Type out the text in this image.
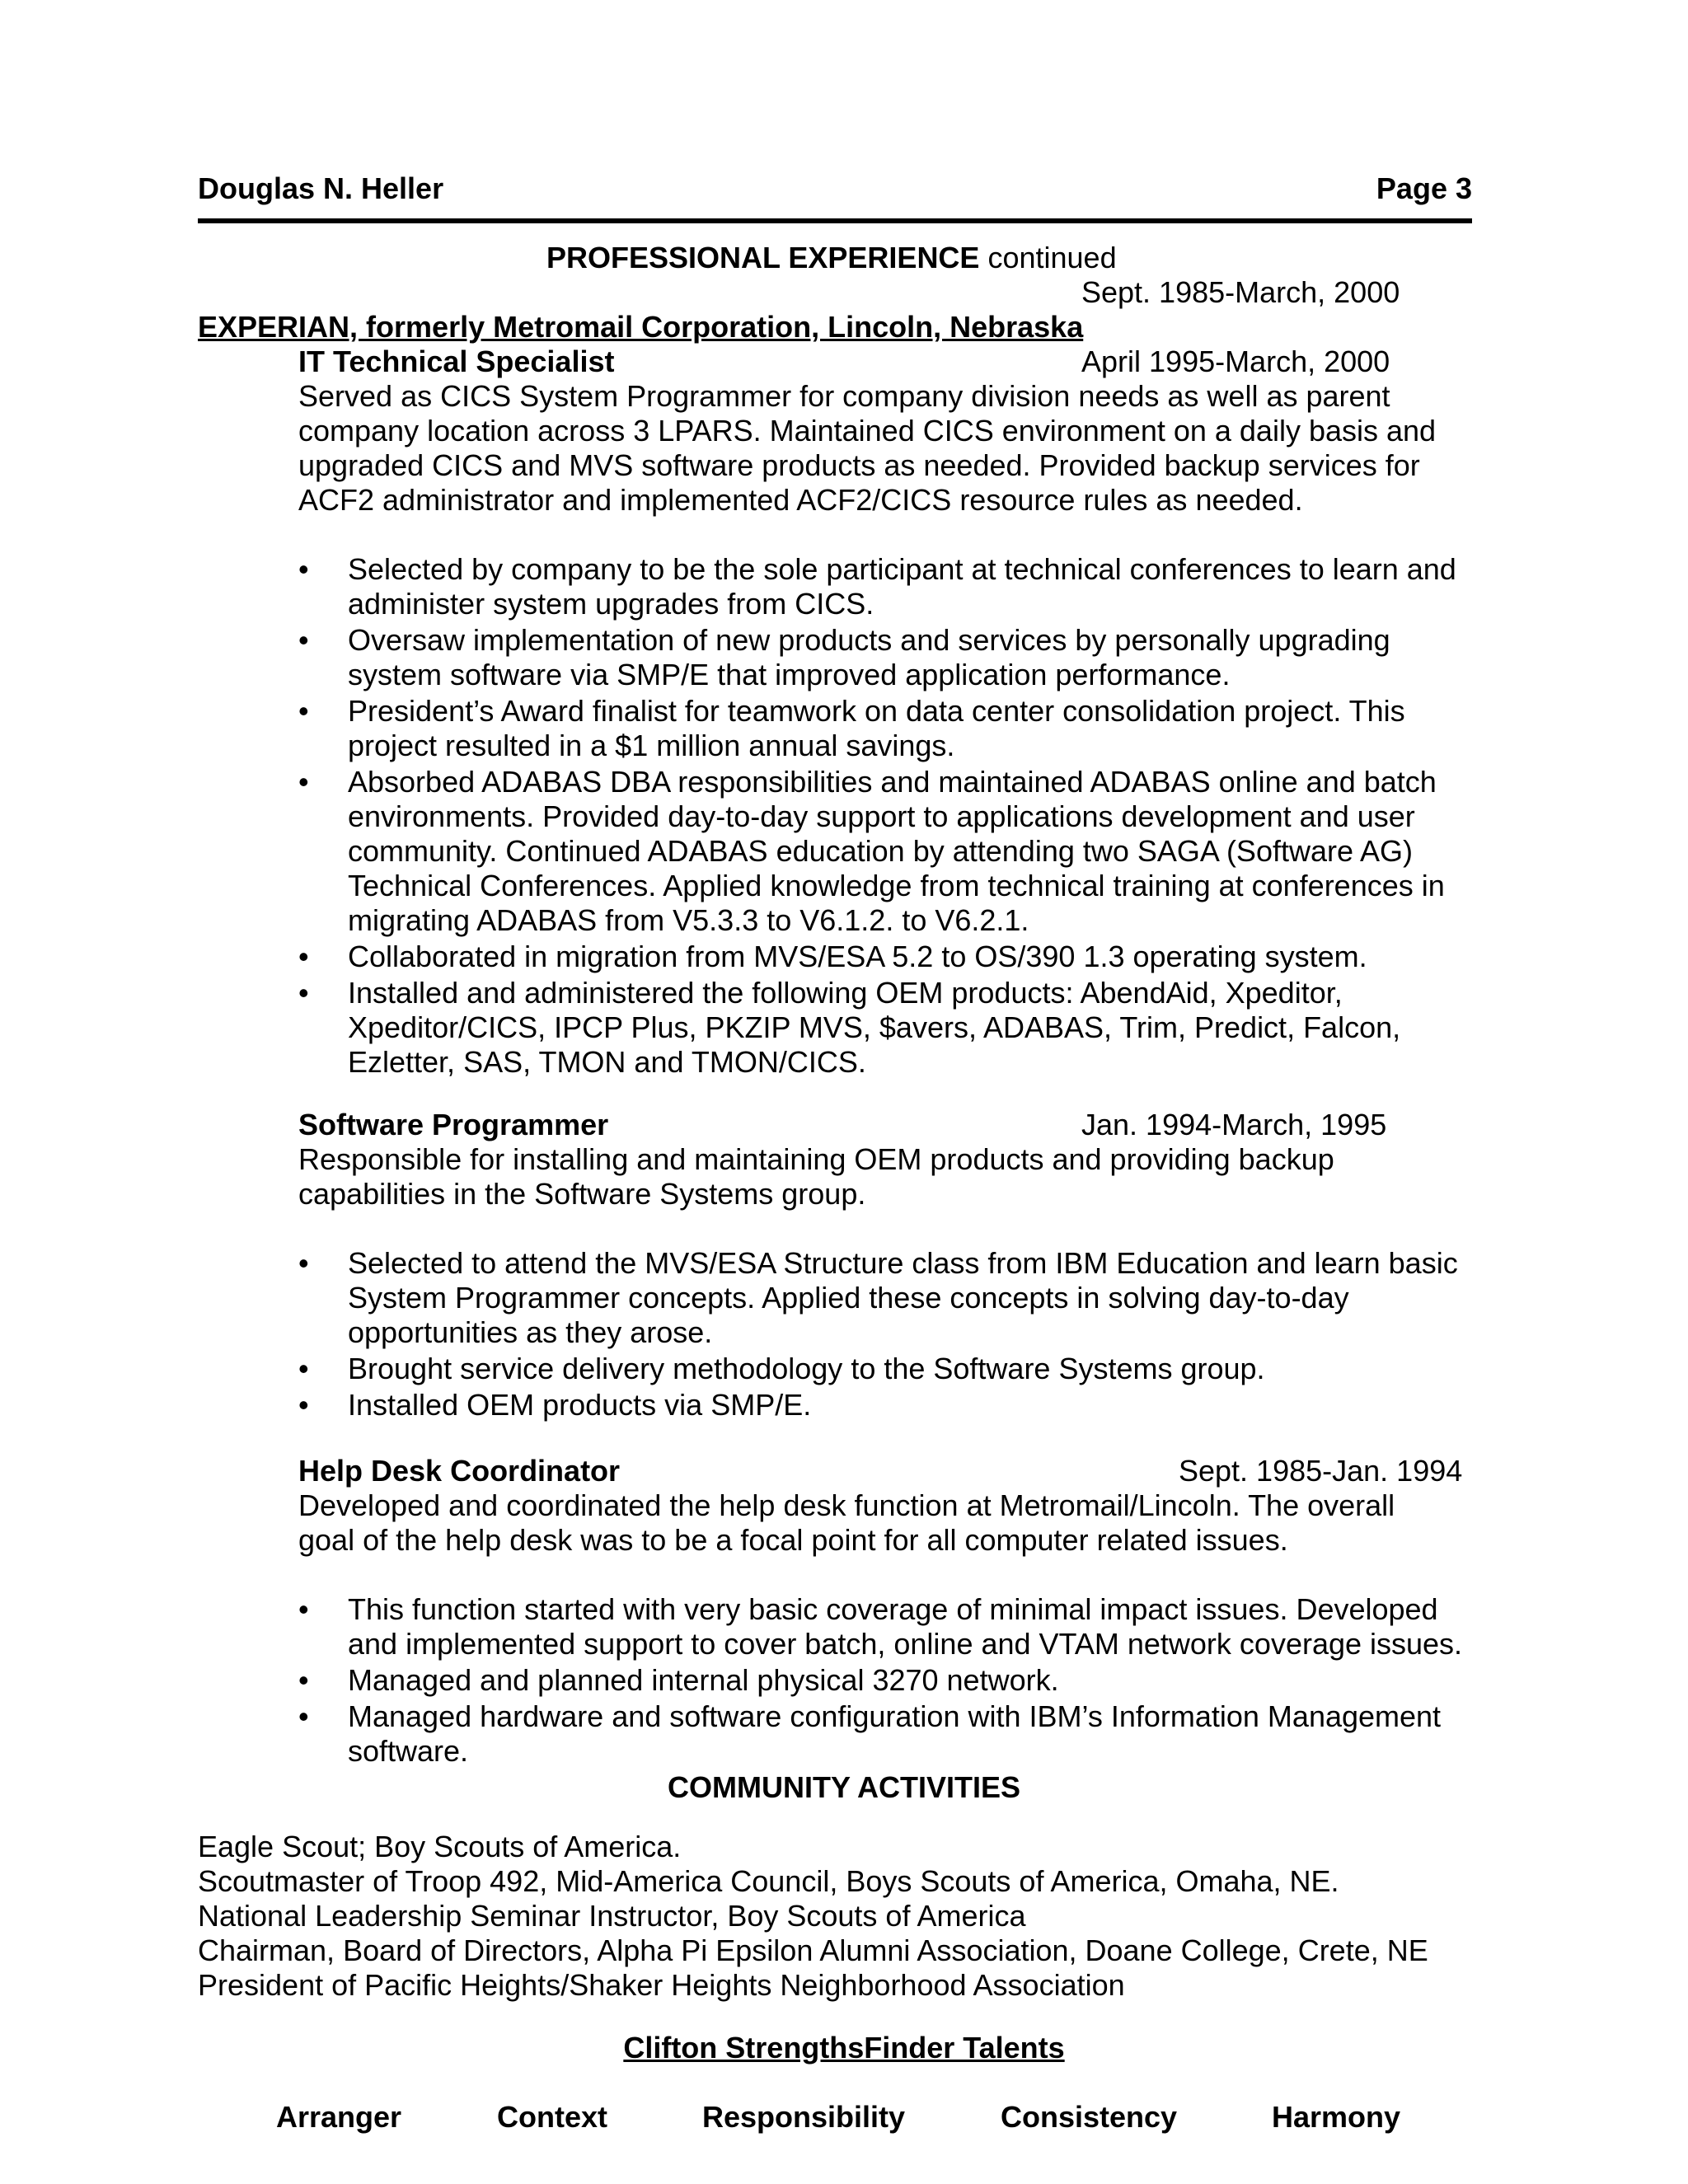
Douglas N. Heller	Page 3
PROFESSIONAL EXPERIENCE continued
Sept. 1985-March, 2000
EXPERIAN, formerly Metromail Corporation, Lincoln, Nebraska
IT Technical Specialist	April 1995-March, 2000
Served as CICS System Programmer for company division needs as well as parent company location across 3 LPARS. Maintained CICS environment on a daily basis and upgraded CICS and MVS software products as needed. Provided backup services for ACF2 administrator and implemented ACF2/CICS resource rules as needed.
• Selected by company to be the sole participant at technical conferences to learn and administer system upgrades from CICS.
• Oversaw implementation of new products and services by personally upgrading system software via SMP/E that improved application performance.
• President’s Award finalist for teamwork on data center consolidation project. This project resulted in a $1 million annual savings.
• Absorbed ADABAS DBA responsibilities and maintained ADABAS online and batch environments. Provided day-to-day support to applications development and user community. Continued ADABAS education by attending two SAGA (Software AG) Technical Conferences. Applied knowledge from technical training at conferences in migrating ADABAS from V5.3.3 to V6.1.2. to V6.2.1.
• Collaborated in migration from MVS/ESA 5.2 to OS/390 1.3 operating system.
• Installed and administered the following OEM products: AbendAid, Xpeditor, Xpeditor/CICS, IPCP Plus, PKZIP MVS, $avers, ADABAS, Trim, Predict, Falcon, Ezletter, SAS, TMON and TMON/CICS.
Software Programmer	Jan. 1994-March, 1995
Responsible for installing and maintaining OEM products and providing backup capabilities in the Software Systems group.
• Selected to attend the MVS/ESA Structure class from IBM Education and learn basic System Programmer concepts. Applied these concepts in solving day-to-day opportunities as they arose.
• Brought service delivery methodology to the Software Systems group.
• Installed OEM products via SMP/E.
Help Desk Coordinator	Sept. 1985-Jan. 1994
Developed and coordinated the help desk function at Metromail/Lincoln. The overall goal of the help desk was to be a focal point for all computer related issues.
• This function started with very basic coverage of minimal impact issues. Developed and implemented support to cover batch, online and VTAM network coverage issues.
• Managed and planned internal physical 3270 network.
• Managed hardware and software configuration with IBM’s Information Management software.
COMMUNITY ACTIVITIES
Eagle Scout; Boy Scouts of America.
Scoutmaster of Troop 492, Mid-America Council, Boys Scouts of America, Omaha, NE.
National Leadership Seminar Instructor, Boy Scouts of America
Chairman, Board of Directors, Alpha Pi Epsilon Alumni Association, Doane College, Crete, NE
President of Pacific Heights/Shaker Heights Neighborhood Association
Clifton StrengthsFinder Talents
Arranger	Context	Responsibility	Consistency	Harmony
